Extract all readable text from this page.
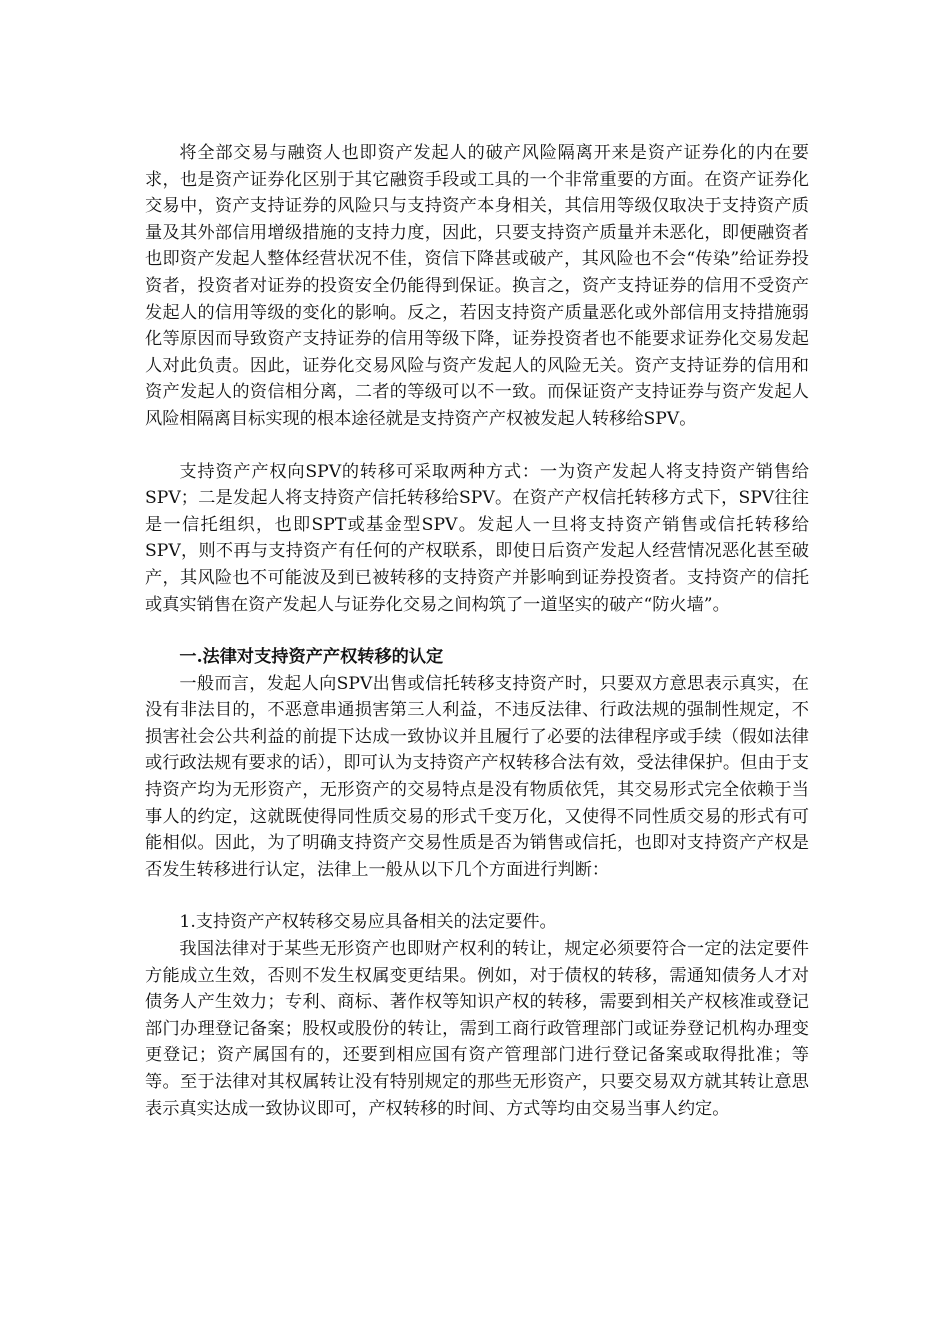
将全部交易与融资人也即资产发起人的破产风险隔离开来是资产证券化的内在要求，也是资产证券化区别于其它融资手段或工具的一个非常重要的方面。在资产证券化交易中，资产支持证券的风险只与支持资产本身相关，其信用等级仅取决于支持资产质量及其外部信用增级措施的支持力度，因此，只要支持资产质量并未恶化，即便融资者也即资产发起人整体经营状况不佳，资信下降甚或破产，其风险也不会“传染”给证券投资者，投资者对证券的投资安全仍能得到保证。换言之，资产支持证券的信用不受资产发起人的信用等级的变化的影响。反之，若因支持资产质量恶化或外部信用支持措施弱化等原因而导致资产支持证券的信用等级下降，证券投资者也不能要求证券化交易发起人对此负责。因此，证券化交易风险与资产发起人的风险无关。资产支持证券的信用和资产发起人的资信相分离，二者的等级可以不一致。而保证资产支持证券与资产发起人风险相隔离目标实现的根本途径就是支持资产产权被发起人转移给SPV。

支持资产产权向SPV的转移可采取两种方式：一为资产发起人将支持资产销售给SPV；二是发起人将支持资产信托转移给SPV。在资产产权信托转移方式下，SPV往往是一信托组织，也即SPT或基金型SPV。发起人一旦将支持资产销售或信托转移给SPV，则不再与支持资产有任何的产权联系，即使日后资产发起人经营情况恶化甚至破产，其风险也不可能波及到已被转移的支持资产并影响到证券投资者。支持资产的信托或真实销售在资产发起人与证券化交易之间构筑了一道坚实的破产“防火墙”。

一.法律对支持资产产权转移的认定

一般而言，发起人向SPV出售或信托转移支持资产时，只要双方意思表示真实，在没有非法目的，不恶意串通损害第三人利益，不违反法律、行政法规的强制性规定，不损害社会公共利益的前提下达成一致协议并且履行了必要的法律程序或手续（假如法律或行政法规有要求的话），即可认为支持资产产权转移合法有效，受法律保护。但由于支持资产均为无形资产，无形资产的交易特点是没有物质依凭，其交易形式完全依赖于当事人的约定，这就既使得同性质交易的形式千变万化，又使得不同性质交易的形式有可能相似。因此，为了明确支持资产交易性质是否为销售或信托，也即对支持资产产权是否发生转移进行认定，法律上一般从以下几个方面进行判断：

1.支持资产产权转移交易应具备相关的法定要件。

我国法律对于某些无形资产也即财产权利的转让，规定必须要符合一定的法定要件方能成立生效，否则不发生权属变更结果。例如，对于债权的转移，需通知债务人才对债务人产生效力；专利、商标、著作权等知识产权的转移，需要到相关产权核准或登记部门办理登记备案；股权或股份的转让，需到工商行政管理部门或证券登记机构办理变更登记；资产属国有的，还要到相应国有资产管理部门进行登记备案或取得批准；等等。至于法律对其权属转让没有特别规定的那些无形资产，只要交易双方就其转让意思表示真实达成一致协议即可，产权转移的时间、方式等均由交易当事人约定。
